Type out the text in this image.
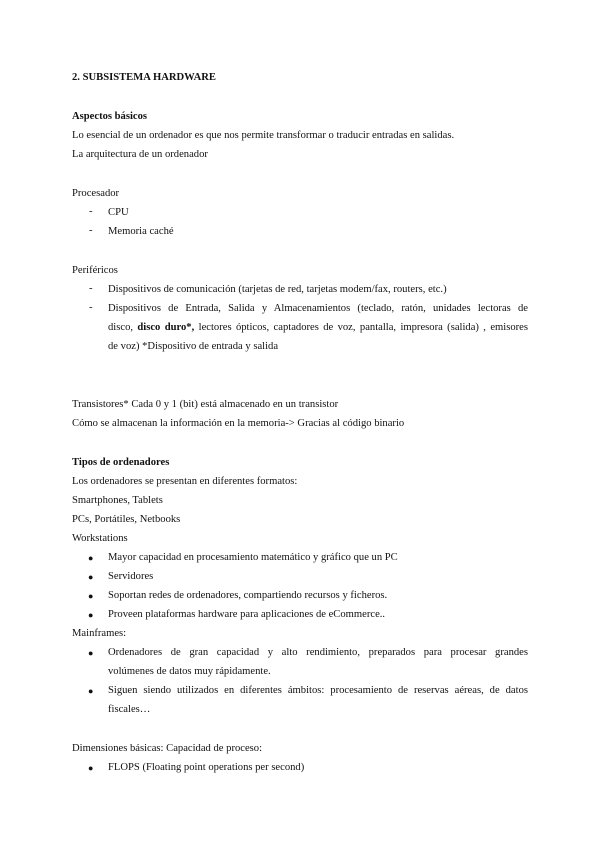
2. SUBSISTEMA HARDWARE
Aspectos básicos
Lo esencial de un ordenador es que nos permite transformar o traducir entradas en salidas.
La arquitectura de un ordenador
Procesador
- CPU
- Memoria caché
Periféricos
- Dispositivos de comunicación (tarjetas de red, tarjetas modem/fax, routers, etc.)
- Dispositivos de Entrada, Salida y Almacenamientos (teclado, ratón, unidades lectoras de
disco, disco duro*, lectores ópticos, captadores de voz, pantalla, impresora (salida) , emisores
de voz) *Dispositivo de entrada y salida
Transistores* Cada 0 y 1 (bit) está almacenado en un transistor
Cómo se almacenan la información en la memoria-> Gracias al código binario
Tipos de ordenadores
Los ordenadores se presentan en diferentes formatos:
Smartphones, Tablets
PCs, Portátiles, Netbooks
Workstations
● Mayor capacidad en procesamiento matemático y gráfico que un PC
● Servidores
● Soportan redes de ordenadores, compartiendo recursos y ficheros.
● Proveen plataformas hardware para aplicaciones de eCommerce..
Mainframes:
● Ordenadores de gran capacidad y alto rendimiento, preparados para procesar grandes
volúmenes de datos muy rápidamente.
● Siguen siendo utilizados en diferentes ámbitos: procesamiento de reservas aéreas, de datos
fiscales…
Dimensiones básicas: Capacidad de proceso:
● FLOPS (Floating point operations per second)
